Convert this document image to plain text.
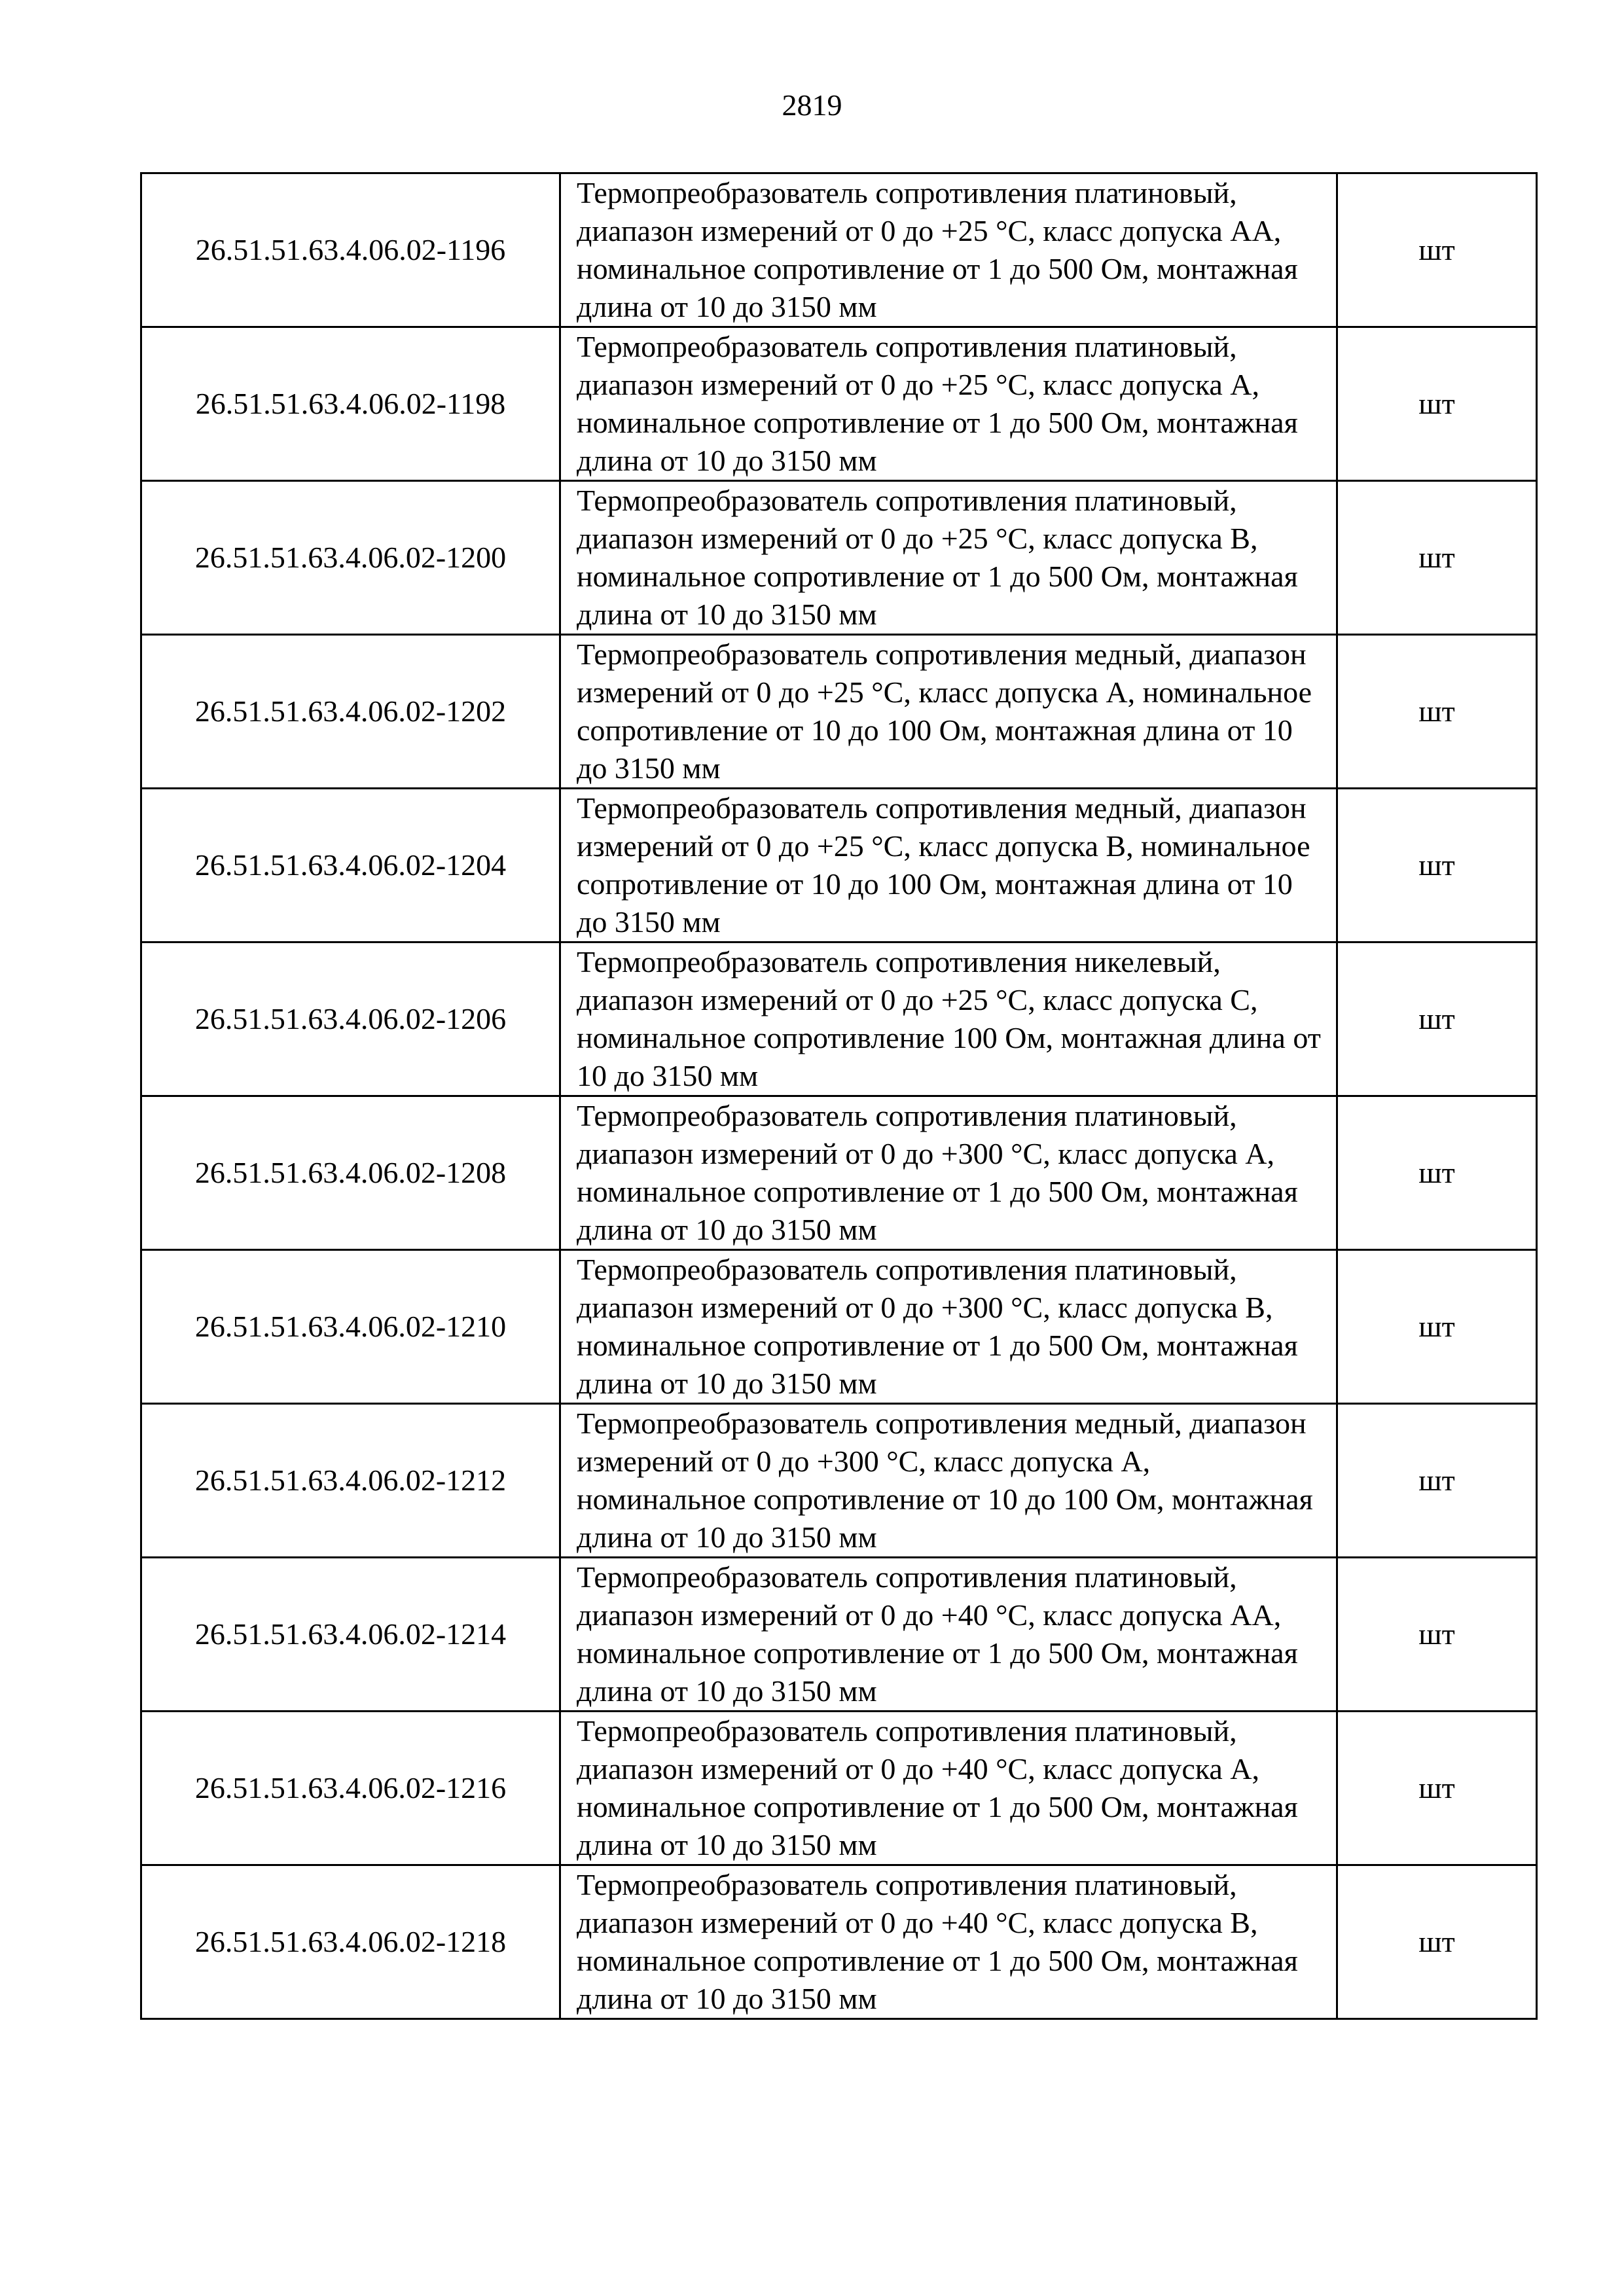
2819
26.51.51.63.4.06.02-1196	Термопреобразователь сопротивления платиновый, диапазон измерений от 0 до +25 °С, класс допуска АА, номинальное сопротивление от 1 до 500 Ом, монтажная длина от 10 до 3150 мм	шт
26.51.51.63.4.06.02-1198	Термопреобразователь сопротивления платиновый, диапазон измерений от 0 до +25 °С, класс допуска А, номинальное сопротивление от 1 до 500 Ом, монтажная длина от 10 до 3150 мм	шт
26.51.51.63.4.06.02-1200	Термопреобразователь сопротивления платиновый, диапазон измерений от 0 до +25 °С, класс допуска В, номинальное сопротивление от 1 до 500 Ом, монтажная длина от 10 до 3150 мм	шт
26.51.51.63.4.06.02-1202	Термопреобразователь сопротивления медный, диапазон измерений от 0 до +25 °С, класс допуска А, номинальное сопротивление от 10 до 100 Ом, монтажная длина от 10 до 3150 мм	шт
26.51.51.63.4.06.02-1204	Термопреобразователь сопротивления медный, диапазон измерений от 0 до +25 °С, класс допуска В, номинальное сопротивление от 10 до 100 Ом, монтажная длина от 10 до 3150 мм	шт
26.51.51.63.4.06.02-1206	Термопреобразователь сопротивления никелевый, диапазон измерений от 0 до +25 °С, класс допуска С, номинальное сопротивление 100 Ом, монтажная длина от 10 до 3150 мм	шт
26.51.51.63.4.06.02-1208	Термопреобразователь сопротивления платиновый, диапазон измерений от 0 до +300 °С, класс допуска А, номинальное сопротивление от 1 до 500 Ом, монтажная длина от 10 до 3150 мм	шт
26.51.51.63.4.06.02-1210	Термопреобразователь сопротивления платиновый, диапазон измерений от 0 до +300 °С, класс допуска В, номинальное сопротивление от 1 до 500 Ом, монтажная длина от 10 до 3150 мм	шт
26.51.51.63.4.06.02-1212	Термопреобразователь сопротивления медный, диапазон измерений от 0 до +300 °С, класс допуска А, номинальное сопротивление от 10 до 100 Ом, монтажная длина от 10 до 3150 мм	шт
26.51.51.63.4.06.02-1214	Термопреобразователь сопротивления платиновый, диапазон измерений от 0 до +40 °С, класс допуска АА, номинальное сопротивление от 1 до 500 Ом, монтажная длина от 10 до 3150 мм	шт
26.51.51.63.4.06.02-1216	Термопреобразователь сопротивления платиновый, диапазон измерений от 0 до +40 °С, класс допуска А, номинальное сопротивление от 1 до 500 Ом, монтажная длина от 10 до 3150 мм	шт
26.51.51.63.4.06.02-1218	Термопреобразователь сопротивления платиновый, диапазон измерений от 0 до +40 °С, класс допуска В, номинальное сопротивление от 1 до 500 Ом, монтажная длина от 10 до 3150 мм	шт
